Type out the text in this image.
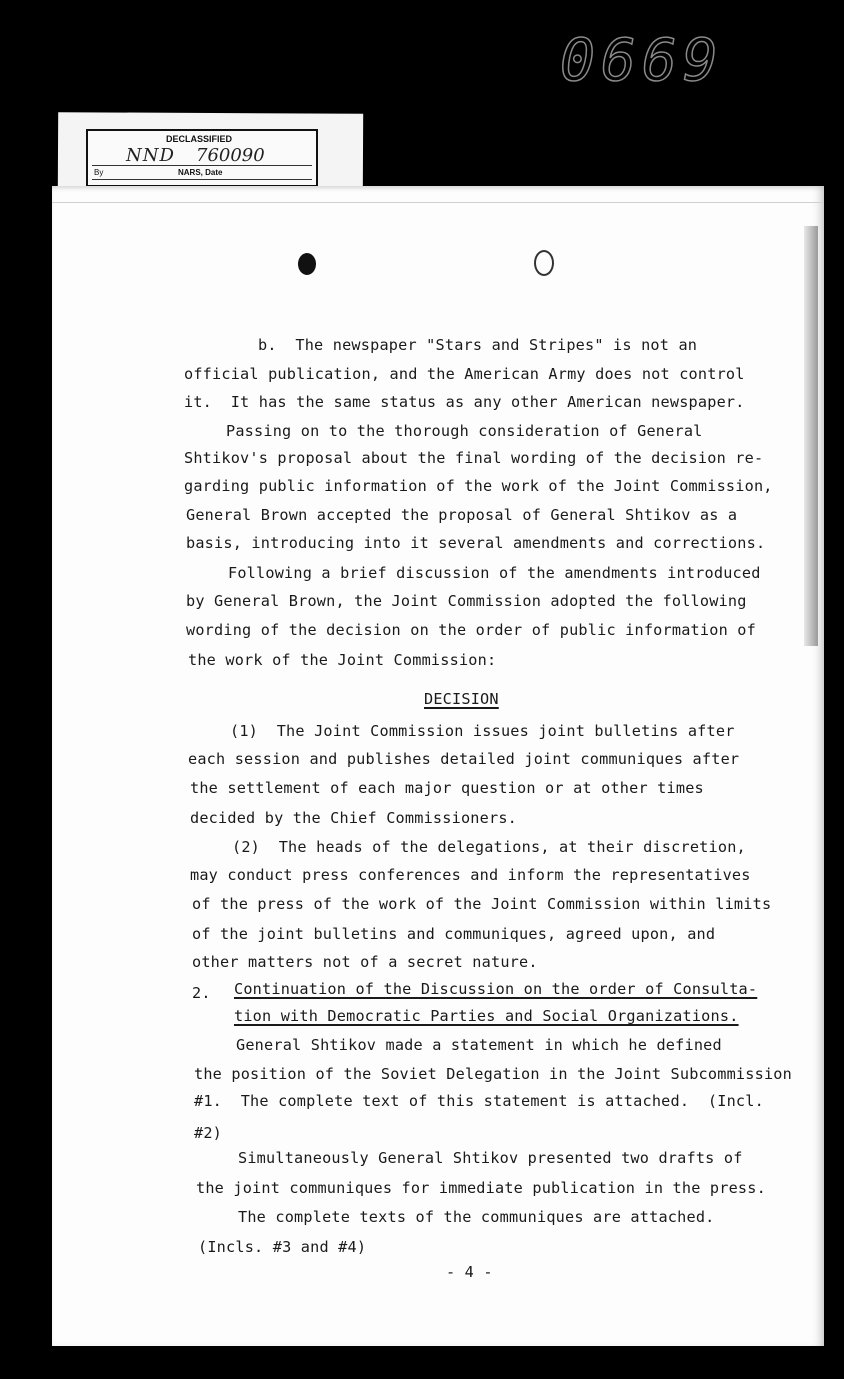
0669
DECLASSIFIED
NND 760090
By	NARS, Date
b.  The newspaper "Stars and Stripes" is not an
official publication, and the American Army does not control
it.  It has the same status as any other American newspaper.
Passing on to the thorough consideration of General
Shtikov's proposal about the final wording of the decision re-
garding public information of the work of the Joint Commission,
General Brown accepted the proposal of General Shtikov as a
basis, introducing into it several amendments and corrections.
Following a brief discussion of the amendments introduced
by General Brown, the Joint Commission adopted the following
wording of the decision on the order of public information of
the work of the Joint Commission:
DECISION
(1)  The Joint Commission issues joint bulletins after
each session and publishes detailed joint communiques after
the settlement of each major question or at other times
decided by the Chief Commissioners.
(2)  The heads of the delegations, at their discretion,
may conduct press conferences and inform the representatives
of the press of the work of the Joint Commission within limits
of the joint bulletins and communiques, agreed upon, and
other matters not of a secret nature.
2. Continuation of the Discussion on the order of Consulta-
tion with Democratic Parties and Social Organizations.
General Shtikov made a statement in which he defined
the position of the Soviet Delegation in the Joint Subcommission
#1.  The complete text of this statement is attached.  (Incl.
#2)
Simultaneously General Shtikov presented two drafts of
the joint communiques for immediate publication in the press.
The complete texts of the communiques are attached.
(Incls. #3 and #4)
- 4 -
